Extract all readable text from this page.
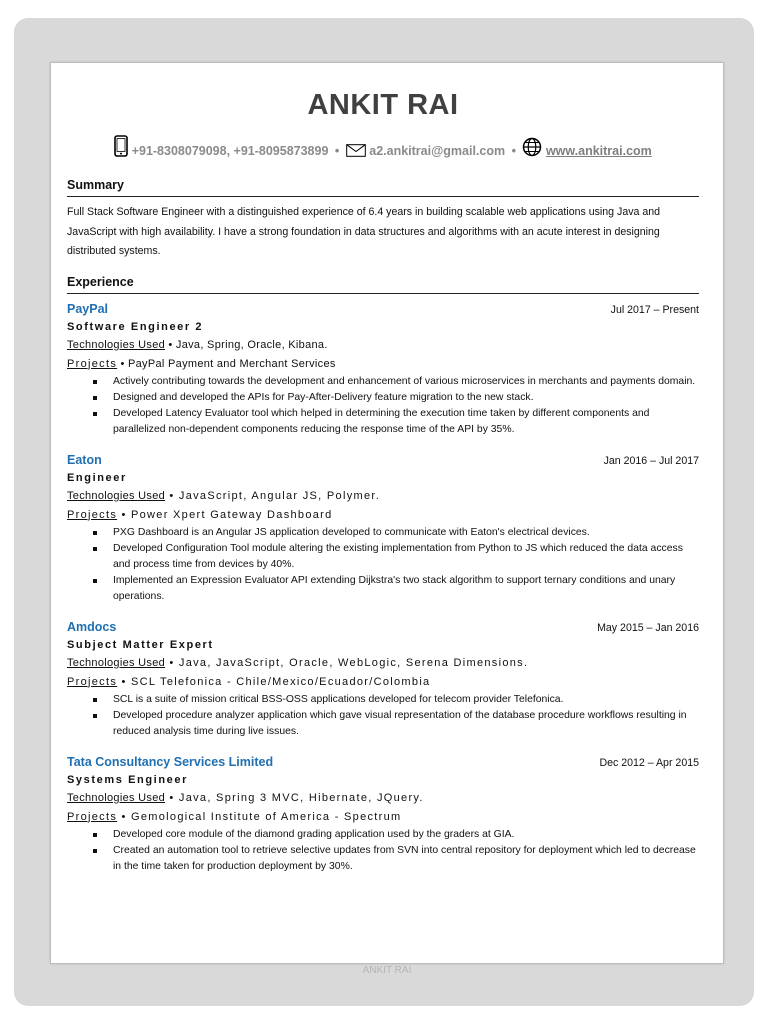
ANKIT RAI
+91-8308079098, +91-8095873899 • a2.ankitrai@gmail.com • www.ankitrai.com
Summary
Full Stack Software Engineer with a distinguished experience of 6.4 years in building scalable web applications using Java and JavaScript with high availability. I have a strong foundation in data structures and algorithms with an acute interest in designing distributed systems.
Experience
PayPal	Jul 2017 – Present
Software Engineer 2
Technologies Used • Java, Spring, Oracle, Kibana.
Projects • PayPal Payment and Merchant Services
Actively contributing towards the development and enhancement of various microservices in merchants and payments domain.
Designed and developed the APIs for Pay-After-Delivery feature migration to the new stack.
Developed Latency Evaluator tool which helped in determining the execution time taken by different components and parallelized non-dependent components reducing the response time of the API by 35%.
Eaton	Jan 2016 – Jul 2017
Engineer
Technologies Used • JavaScript, Angular JS, Polymer.
Projects • Power Xpert Gateway Dashboard
PXG Dashboard is an Angular JS application developed to communicate with Eaton's electrical devices.
Developed Configuration Tool module altering the existing implementation from Python to JS which reduced the data access and process time from devices by 40%.
Implemented an Expression Evaluator API extending Dijkstra's two stack algorithm to support ternary conditions and unary operations.
Amdocs	May 2015 – Jan 2016
Subject Matter Expert
Technologies Used • Java, JavaScript, Oracle, WebLogic, Serena Dimensions.
Projects • SCL Telefonica - Chile/Mexico/Ecuador/Colombia
SCL is a suite of mission critical BSS-OSS applications developed for telecom provider Telefonica.
Developed procedure analyzer application which gave visual representation of the database procedure workflows resulting in reduced analysis time during live issues.
Tata Consultancy Services Limited	Dec 2012 – Apr 2015
Systems Engineer
Technologies Used • Java, Spring 3 MVC, Hibernate, JQuery.
Projects • Gemological Institute of America - Spectrum
Developed core module of the diamond grading application used by the graders at GIA.
Created an automation tool to retrieve selective updates from SVN into central repository for deployment which led to decrease in the time taken for production deployment by 30%.
ANKIT RAI
